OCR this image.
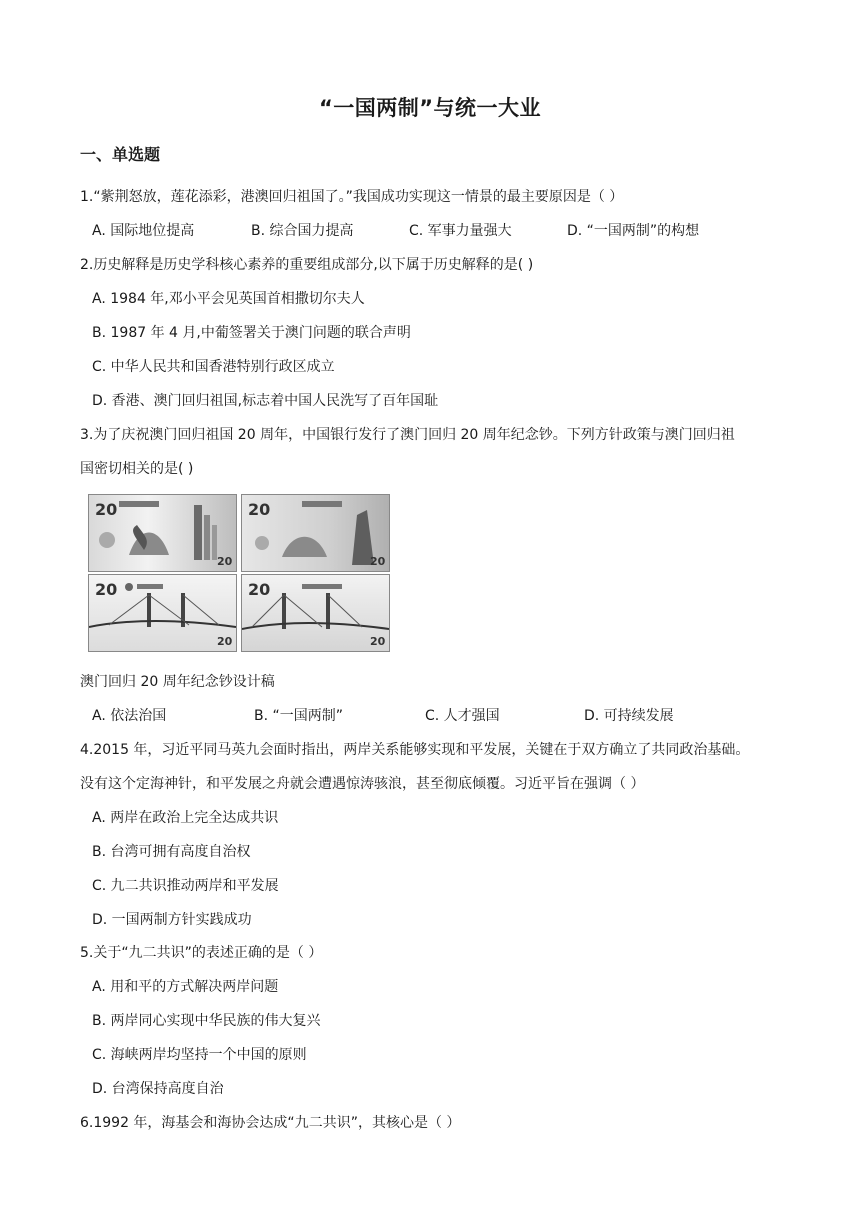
“一国两制”与统一大业
一、单选题
1.“紫荆怒放，莲花添彩，港澳回归祖国了。”我国成功实现这一情景的最主要原因是（ ）
A. 国际地位提高	B. 综合国力提高	C. 军事力量强大	D. “一国两制”的构想
2.历史解释是历史学科核心素养的重要组成部分,以下属于历史解释的是( )
A. 1984 年,邓小平会见英国首相撒切尔夫人
B. 1987 年 4 月,中葡签署关于澳门问题的联合声明
C. 中华人民共和国香港特别行政区成立
D. 香港、澳门回归祖国,标志着中国人民洗写了百年国耻
3.为了庆祝澳门回归祖国 20 周年，中国银行发行了澳门回归 20 周年纪念钞。下列方针政策与澳门回归祖
国密切相关的是( )
20
20
20
20
20
20
20
20
澳门回归 20 周年纪念钞设计稿
A. 依法治国	B. “一国两制”	C. 人才强国	D. 可持续发展
4.2015 年，习近平同马英九会面时指出，两岸关系能够实现和平发展，关键在于双方确立了共同政治基础。
没有这个定海神针，和平发展之舟就会遭遇惊涛骇浪，甚至彻底倾覆。习近平旨在强调（ ）
A. 两岸在政治上完全达成共识
B. 台湾可拥有高度自治权
C. 九二共识推动两岸和平发展
D. 一国两制方针实践成功
5.关于“九二共识”的表述正确的是（ ）
A. 用和平的方式解决两岸问题
B. 两岸同心实现中华民族的伟大复兴
C. 海峡两岸均坚持一个中国的原则
D. 台湾保持高度自治
6.1992 年，海基会和海协会达成“九二共识”，其核心是（ ）
